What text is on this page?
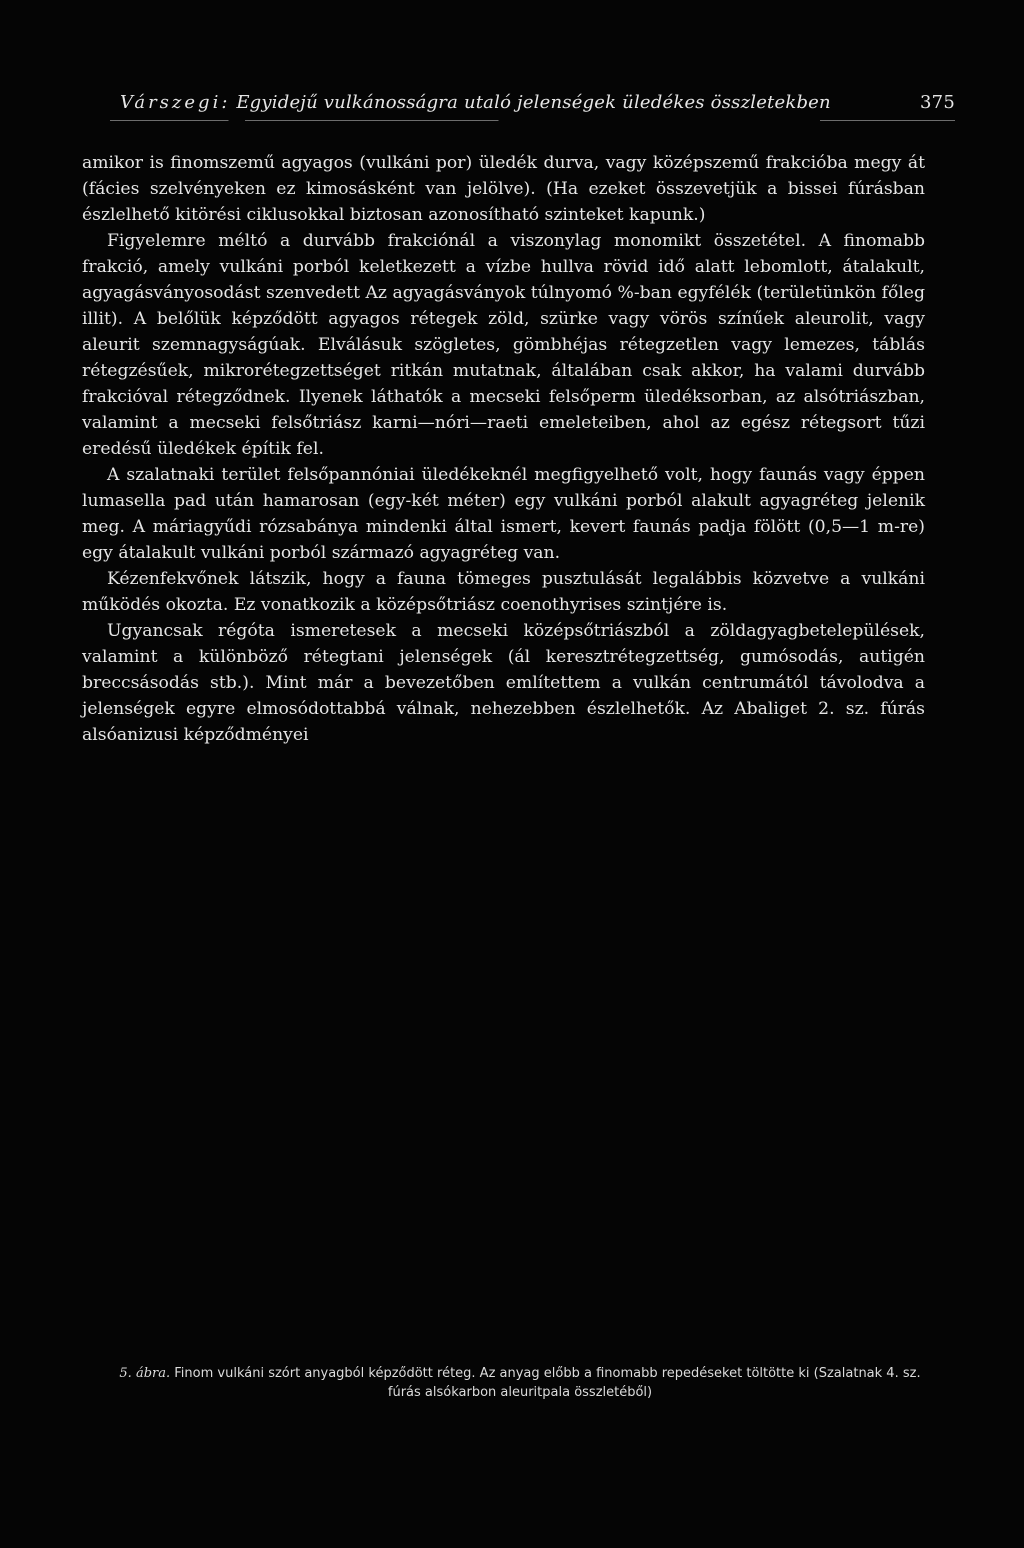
Várszegi: Egyidejű vulkánosságra utaló jelenségek üledékes összletekben	375

amikor is finomszemű agyagos (vulkáni por) üledék durva, vagy középszemű frakcióba megy át (fácies szelvényeken ez kimosásként van jelölve). (Ha ezeket összevetjük a bissei fúrásban észlelhető kitörési ciklusokkal biztosan azonosítható szinteket kapunk.)

Figyelemre méltó a durvább frakciónál a viszonylag monomikt összetétel. A finomabb frakció, amely vulkáni porból keletkezett a vízbe hullva rövid idő alatt lebomlott, átalakult, agyagásványosodást szenvedett Az agyagásványok túlnyomó %-ban egyfélék (területünkön főleg illit). A belőlük képződött agyagos rétegek zöld, szürke vagy vörös színűek aleurolit, vagy aleurit szemnagyságúak. Elválásuk szögletes, gömbhéjas rétegzetlen vagy lemezes, táblás rétegzésűek, mikrorétegzettséget ritkán mutatnak, általában csak akkor, ha valami durvább frakcióval rétegződnek. Ilyenek láthatók a mecseki felsőperm üledéksorban, az alsótriászban, valamint a mecseki felsőtriász karni—nóri—raeti emeleteiben, ahol az egész rétegsort tűzi eredésű üledékek építik fel.

A szalatnaki terület felsőpannóniai üledékeknél megfigyelhető volt, hogy faunás vagy éppen lumasella pad után hamarosan (egy-két méter) egy vulkáni porból alakult agyagréteg jelenik meg. A máriagyűdi rózsabánya mindenki által ismert, kevert faunás padja fölött (0,5—1 m-re) egy átalakult vulkáni porból származó agyagréteg van.

Kézenfekvőnek látszik, hogy a fauna tömeges pusztulását legalábbis közvetve a vulkáni működés okozta. Ez vonatkozik a középsőtriász coenothyrises szintjére is.

Ugyancsak régóta ismeretesek a mecseki középsőtriászból a zöldagyagbetelepülések, valamint a különböző rétegtani jelenségek (ál keresztrétegzettség, gumósodás, autigén breccsásodás stb.). Mint már a bevezetőben említettem a vulkán centrumától távolodva a jelenségek egyre elmosódottabbá válnak, nehezebben észlelhetők. Az Abaliget 2. sz. fúrás alsóanizusi képződményei

5. ábra. Finom vulkáni szórt anyagból képződött réteg. Az anyag előbb a finomabb repedéseket töltötte ki (Szalatnak 4. sz. fúrás alsókarbon aleuritpala összletéből)
